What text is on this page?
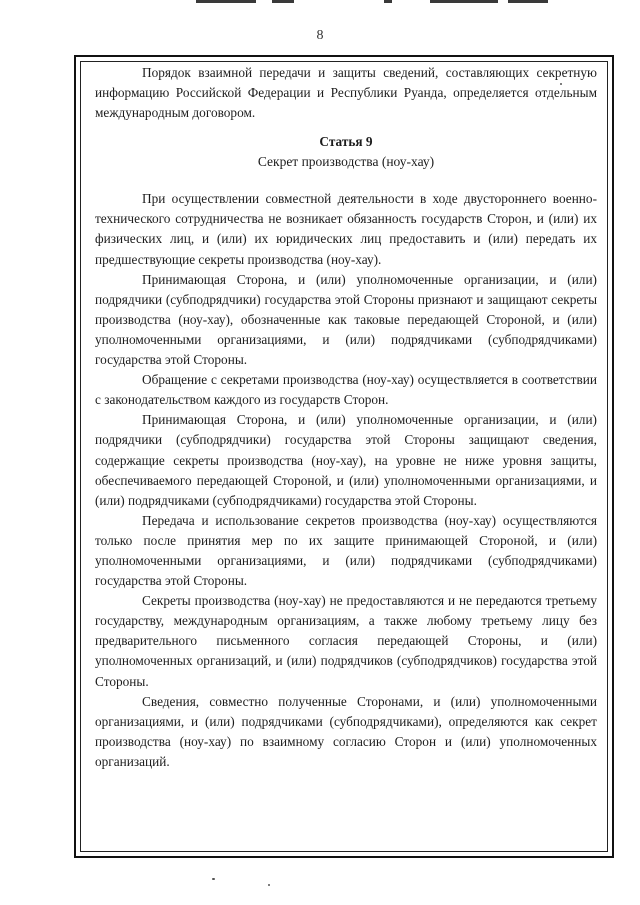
8

Порядок взаимной передачи и защиты сведений, составляющих секретную информацию Российской Федерации и Республики Руанда, определяется отдельным международным договором.

Статья 9
Секрет производства (ноу-хау)

При осуществлении совместной деятельности в ходе двустороннего военно-технического сотрудничества не возникает обязанность государств Сторон, и (или) их физических лиц, и (или) их юридических лиц предоставить и (или) передать их предшествующие секреты производства (ноу-хау).

Принимающая Сторона, и (или) уполномоченные организации, и (или) подрядчики (субподрядчики) государства этой Стороны признают и защищают секреты производства (ноу-хау), обозначенные как таковые передающей Стороной, и (или) уполномоченными организациями, и (или) подрядчиками (субподрядчиками) государства этой Стороны.

Обращение с секретами производства (ноу-хау) осуществляется в соответствии с законодательством каждого из государств Сторон.

Принимающая Сторона, и (или) уполномоченные организации, и (или) подрядчики (субподрядчики) государства этой Стороны защищают сведения, содержащие секреты производства (ноу-хау), на уровне не ниже уровня защиты, обеспечиваемого передающей Стороной, и (или) уполномоченными организациями, и (или) подрядчиками (субподрядчиками) государства этой Стороны.

Передача и использование секретов производства (ноу-хау) осуществляются только после принятия мер по их защите принимающей Стороной, и (или) уполномоченными организациями, и (или) подрядчиками (субподрядчиками) государства этой Стороны.

Секреты производства (ноу-хау) не предоставляются и не передаются третьему государству, международным организациям, а также любому третьему лицу без предварительного письменного согласия передающей Стороны, и (или) уполномоченных организаций, и (или) подрядчиков (субподрядчиков) государства этой Стороны.

Сведения, совместно полученные Сторонами, и (или) уполномоченными организациями, и (или) подрядчиками (субподрядчиками), определяются как секрет производства (ноу-хау) по взаимному согласию Сторон и (или) уполномоченных организаций.
